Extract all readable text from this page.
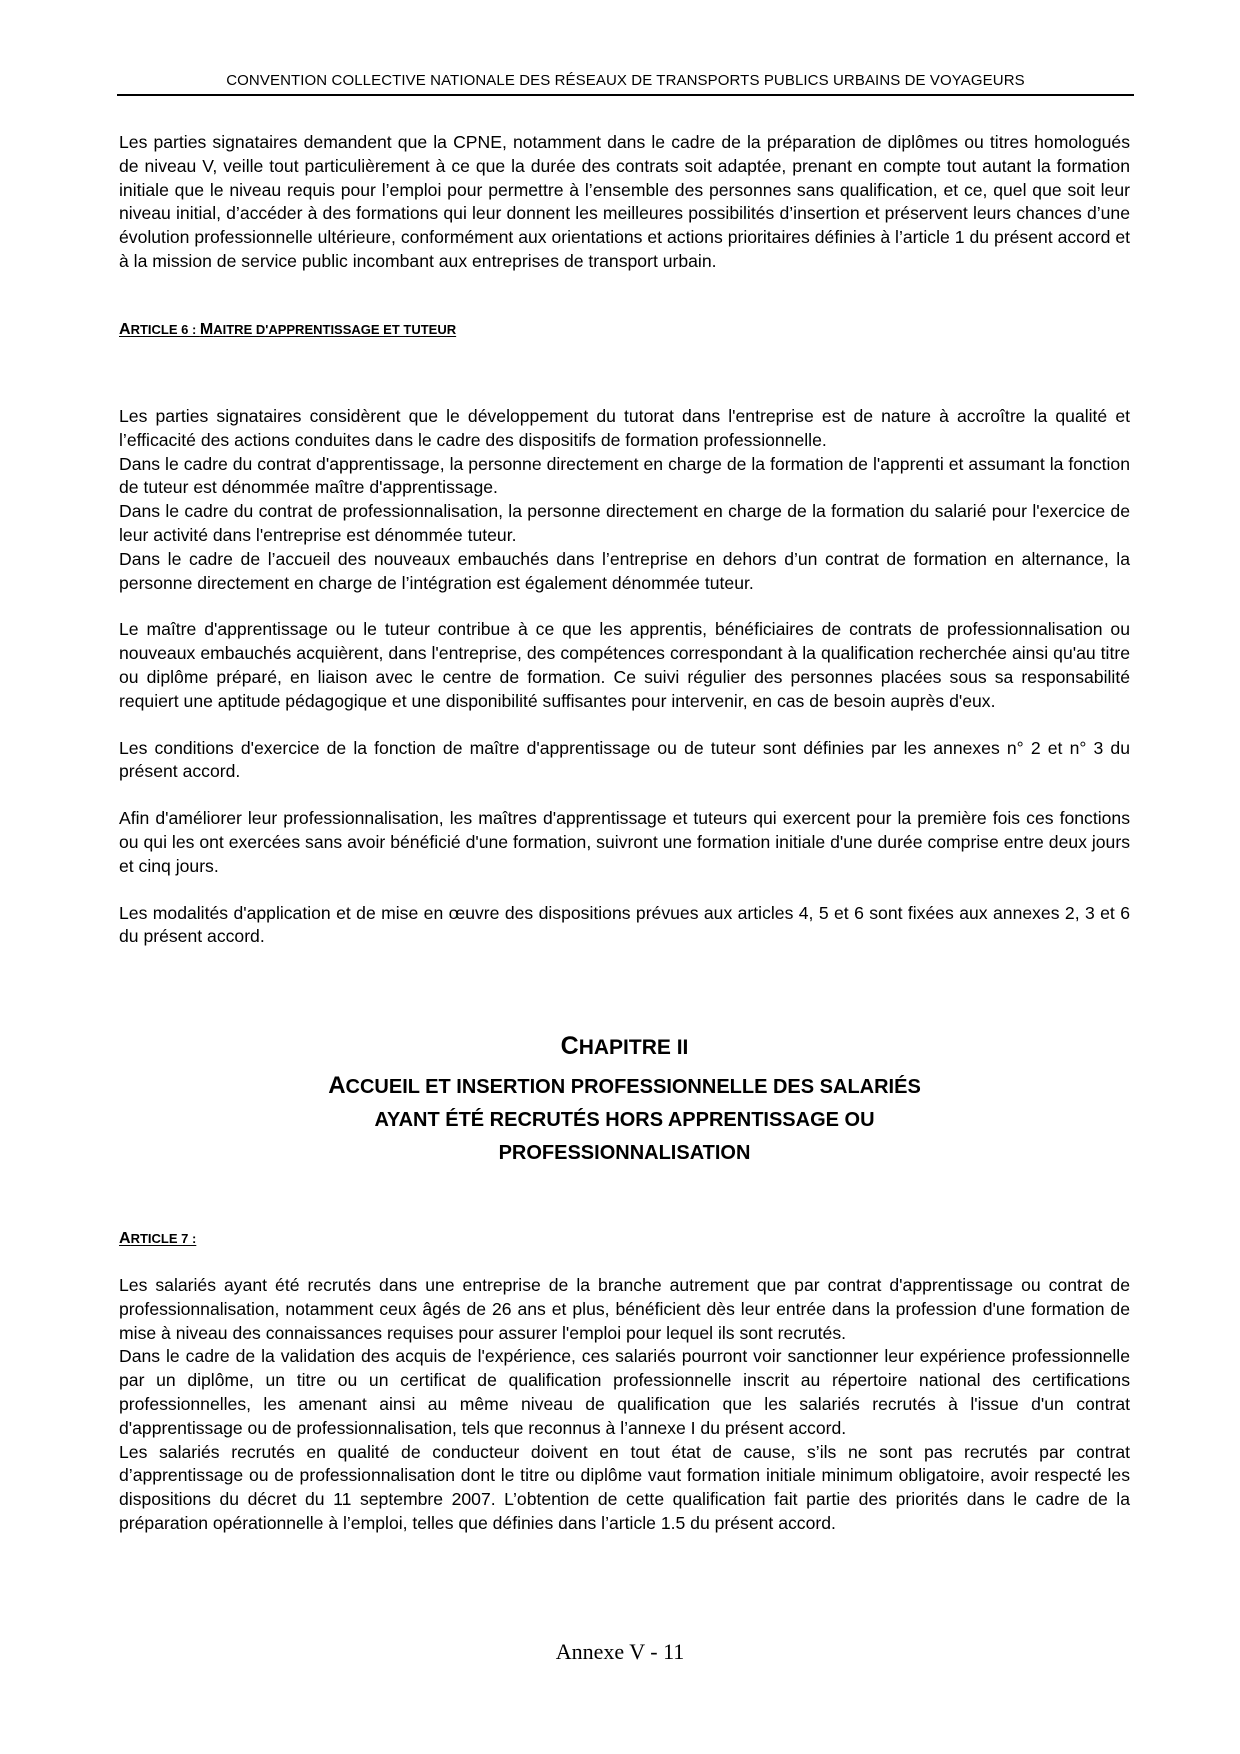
CONVENTION COLLECTIVE NATIONALE DES RÉSEAUX DE TRANSPORTS PUBLICS URBAINS DE VOYAGEURS

Les parties signataires demandent que la CPNE, notamment dans le cadre de la préparation de diplômes ou titres homologués de niveau V, veille tout particulièrement à ce que la durée des contrats soit adaptée, prenant en compte tout autant la formation initiale que le niveau requis pour l’emploi pour permettre à l’ensemble des personnes sans qualification, et ce, quel que soit leur niveau initial, d’accéder à des formations qui leur donnent les meilleures possibilités d’insertion et préservent leurs chances d’une évolution professionnelle ultérieure, conformément aux orientations et actions prioritaires définies à l’article 1 du présent accord et à la mission de service public incombant aux entreprises de transport urbain.

ARTICLE 6 : MAITRE D'APPRENTISSAGE ET TUTEUR

Les parties signataires considèrent que le développement du tutorat dans l'entreprise est de nature à accroître la qualité et l’efficacité des actions conduites dans le cadre des dispositifs de formation professionnelle.

Dans le cadre du contrat d'apprentissage, la personne directement en charge de la formation de l'apprenti et assumant la fonction de tuteur est dénommée maître d'apprentissage.

Dans le cadre du contrat de professionnalisation, la personne directement en charge de la formation du salarié pour l'exercice de leur activité dans l'entreprise est dénommée tuteur.

Dans le cadre de l’accueil des nouveaux embauchés dans l’entreprise en dehors d’un contrat de formation en alternance, la personne directement en charge de l’intégration est également dénommée tuteur.

Le maître d'apprentissage ou le tuteur contribue à ce que les apprentis, bénéficiaires de contrats de professionnalisation ou nouveaux embauchés acquièrent, dans l'entreprise, des compétences correspondant à la qualification recherchée ainsi qu'au titre ou diplôme préparé, en liaison avec le centre de formation. Ce suivi régulier des personnes placées sous sa responsabilité requiert une aptitude pédagogique et une disponibilité suffisantes pour intervenir, en cas de besoin auprès d'eux.

Les conditions d'exercice de la fonction de maître d'apprentissage ou de tuteur sont définies par les annexes n° 2 et n° 3 du présent accord.

Afin d'améliorer leur professionnalisation, les maîtres d'apprentissage et tuteurs qui exercent pour la première fois ces fonctions ou qui les ont exercées sans avoir bénéficié d'une formation, suivront une formation initiale d'une durée comprise entre deux jours et cinq jours.

Les modalités d'application et de mise en œuvre des dispositions prévues aux articles 4, 5 et 6 sont fixées aux annexes 2, 3 et 6 du présent accord.

CHAPITRE II
ACCUEIL ET INSERTION PROFESSIONNELLE DES SALARIÉS
AYANT ÉTÉ RECRUTÉS HORS APPRENTISSAGE OU
PROFESSIONNALISATION
ARTICLE 7 :

Les salariés ayant été recrutés dans une entreprise de la branche autrement que par contrat d'apprentissage ou contrat de professionnalisation, notamment ceux âgés de 26 ans et plus, bénéficient dès leur entrée dans la profession d'une formation de mise à niveau des connaissances requises pour assurer l'emploi pour lequel ils sont recrutés.

Dans le cadre de la validation des acquis de l'expérience, ces salariés pourront voir sanctionner leur expérience professionnelle par un diplôme, un titre ou un certificat de qualification professionnelle inscrit au répertoire national des certifications professionnelles, les amenant ainsi au même niveau de qualification que les salariés recrutés à l'issue d'un contrat d'apprentissage ou de professionnalisation, tels que reconnus à l’annexe I du présent accord.

Les salariés recrutés en qualité de conducteur doivent en tout état de cause, s’ils ne sont pas recrutés par contrat d’apprentissage ou de professionnalisation dont le titre ou diplôme vaut formation initiale minimum obligatoire, avoir respecté les dispositions du décret du 11 septembre 2007. L’obtention de cette qualification fait partie des priorités dans le cadre de la préparation opérationnelle à l’emploi, telles que définies dans l’article 1.5 du présent accord.

Annexe V - 11
